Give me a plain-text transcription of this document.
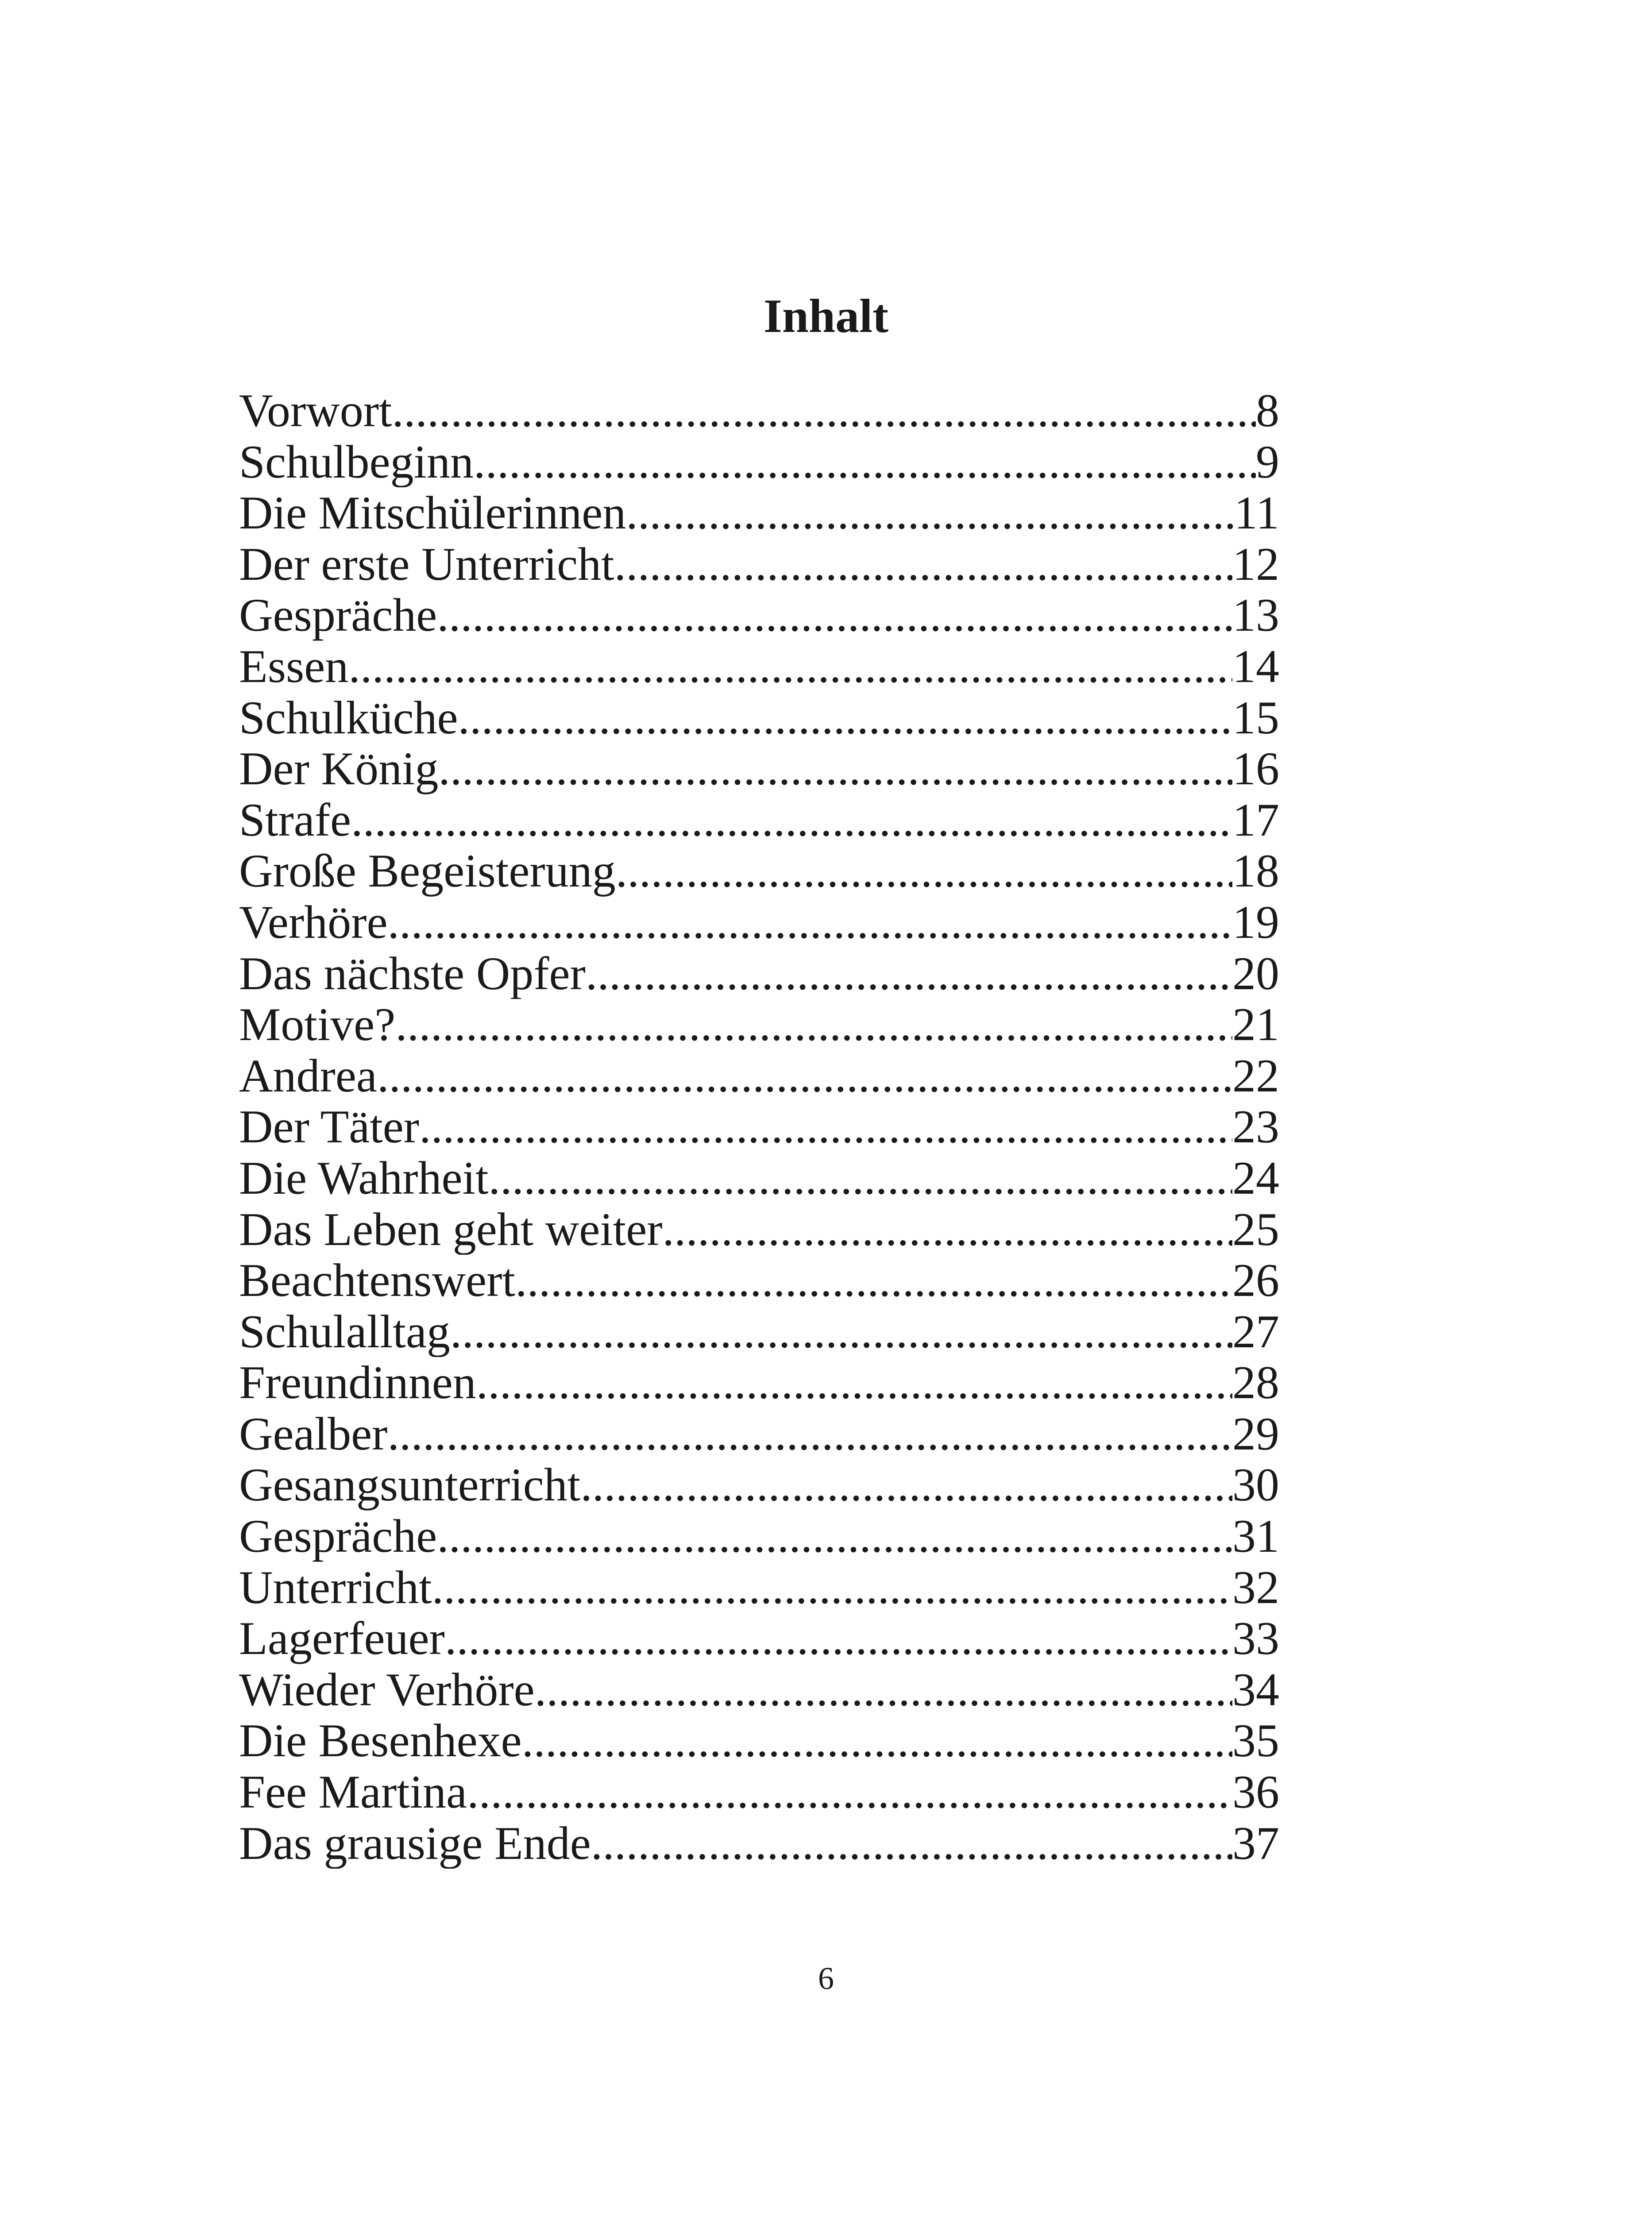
Inhalt
Vorwort .....	8
Schulbeginn .....	9
Die Mitschülerinnen .....	11
Der erste Unterricht .....	12
Gespräche .....	13
Essen .....	14
Schulküche .....	15
Der König .....	16
Strafe .....	17
Große Begeisterung .....	18
Verhöre .....	19
Das nächste Opfer .....	20
Motive? .....	21
Andrea .....	22
Der Täter .....	23
Die Wahrheit .....	24
Das Leben geht weiter .....	25
Beachtenswert .....	26
Schulalltag .....	27
Freundinnen .....	28
Gealber .....	29
Gesangsunterricht .....	30
Gespräche .....	31
Unterricht .....	32
Lagerfeuer .....	33
Wieder Verhöre .....	34
Die Besenhexe .....	35
Fee Martina .....	36
Das grausige Ende .....	37
6
